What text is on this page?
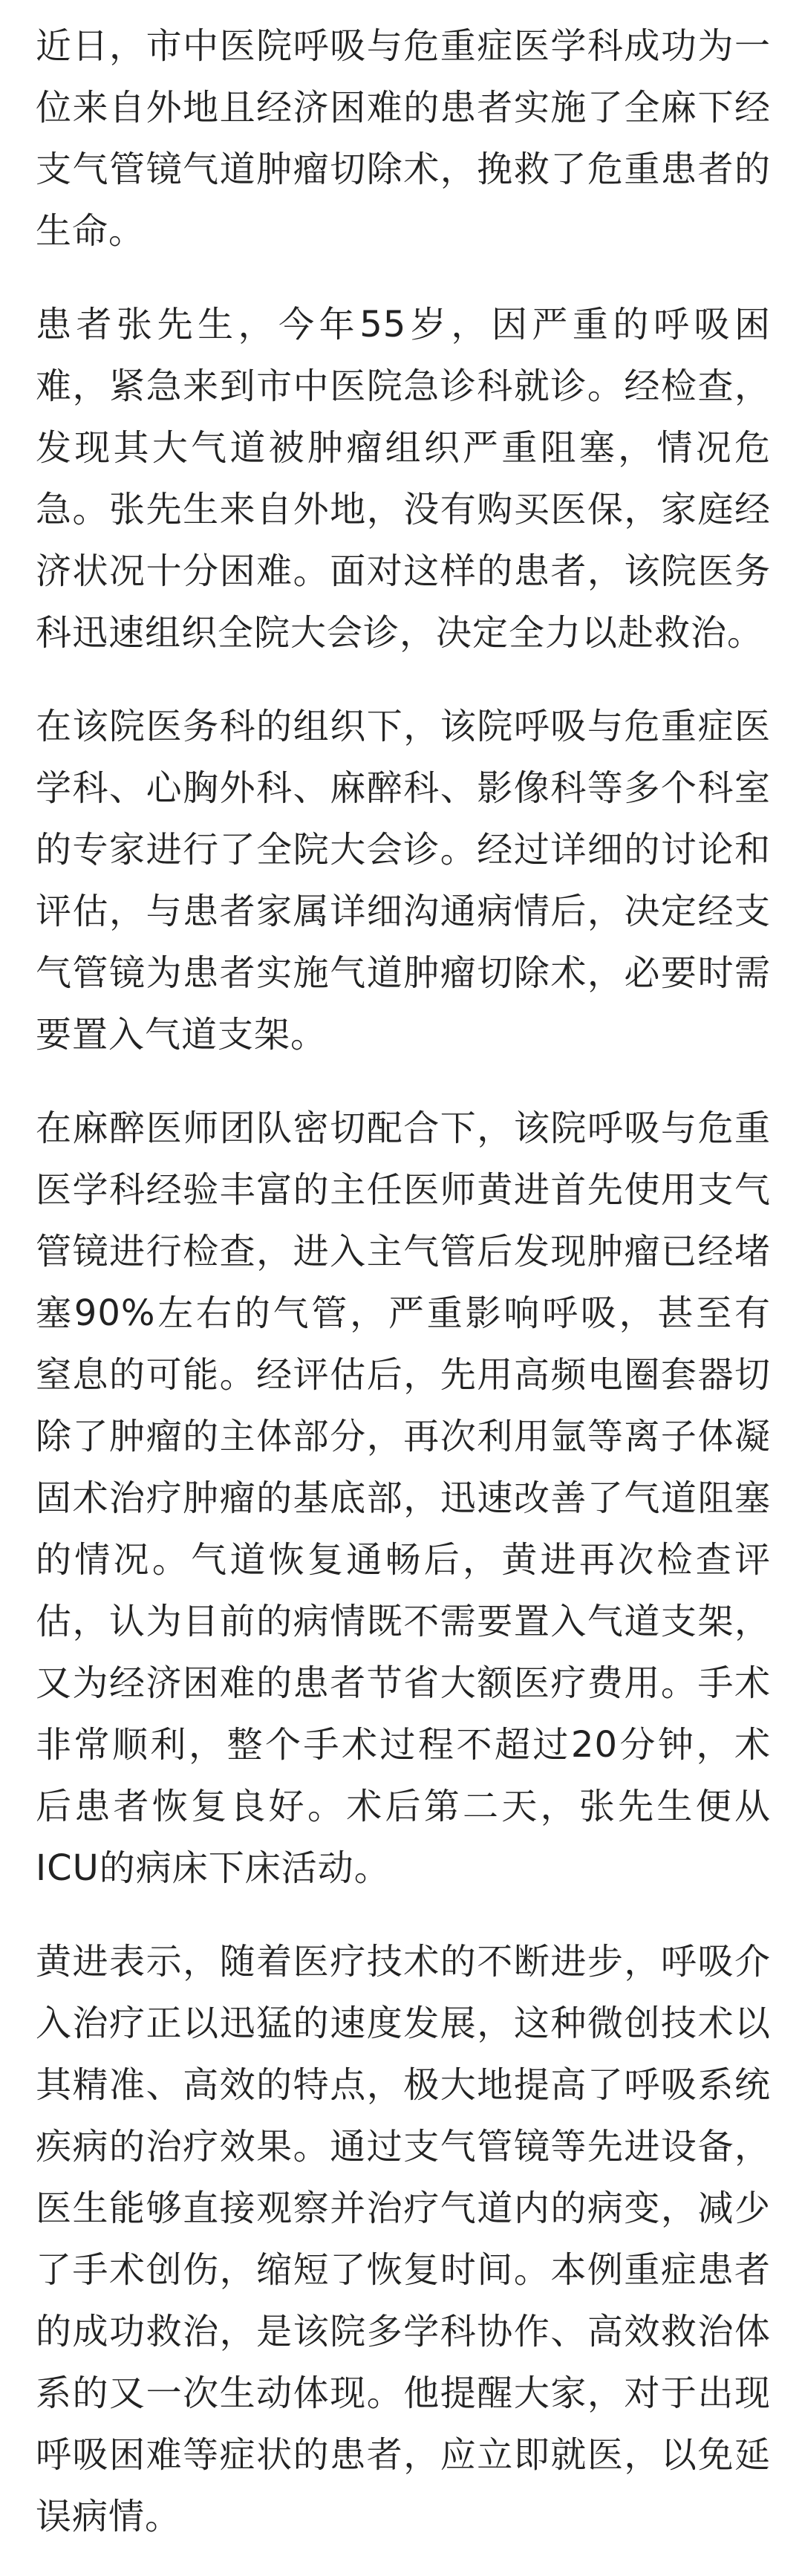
近日，市中医院呼吸与危重症医学科成功为一位来自外地且经济困难的患者实施了全麻下经支气管镜气道肿瘤切除术，挽救了危重患者的生命。

患者张先生，今年55岁，因严重的呼吸困难，紧急来到市中医院急诊科就诊。经检查，发现其大气道被肿瘤组织严重阻塞，情况危急。张先生来自外地，没有购买医保，家庭经济状况十分困难。面对这样的患者，该院医务科迅速组织全院大会诊，决定全力以赴救治。

在该院医务科的组织下，该院呼吸与危重症医学科、心胸外科、麻醉科、影像科等多个科室的专家进行了全院大会诊。经过详细的讨论和评估，与患者家属详细沟通病情后，决定经支气管镜为患者实施气道肿瘤切除术，必要时需要置入气道支架。

在麻醉医师团队密切配合下，该院呼吸与危重医学科经验丰富的主任医师黄进首先使用支气管镜进行检查，进入主气管后发现肿瘤已经堵塞90%左右的气管，严重影响呼吸，甚至有窒息的可能。经评估后，先用高频电圈套器切除了肿瘤的主体部分，再次利用氩等离子体凝固术治疗肿瘤的基底部，迅速改善了气道阻塞的情况。气道恢复通畅后，黄进再次检查评估，认为目前的病情既不需要置入气道支架，又为经济困难的患者节省大额医疗费用。手术非常顺利，整个手术过程不超过20分钟，术后患者恢复良好。术后第二天，张先生便从ICU的病床下床活动。

黄进表示，随着医疗技术的不断进步，呼吸介入治疗正以迅猛的速度发展，这种微创技术以其精准、高效的特点，极大地提高了呼吸系统疾病的治疗效果。通过支气管镜等先进设备，医生能够直接观察并治疗气道内的病变，减少了手术创伤，缩短了恢复时间。本例重症患者的成功救治，是该院多学科协作、高效救治体系的又一次生动体现。他提醒大家，对于出现呼吸困难等症状的患者，应立即就医，以免延误病情。
